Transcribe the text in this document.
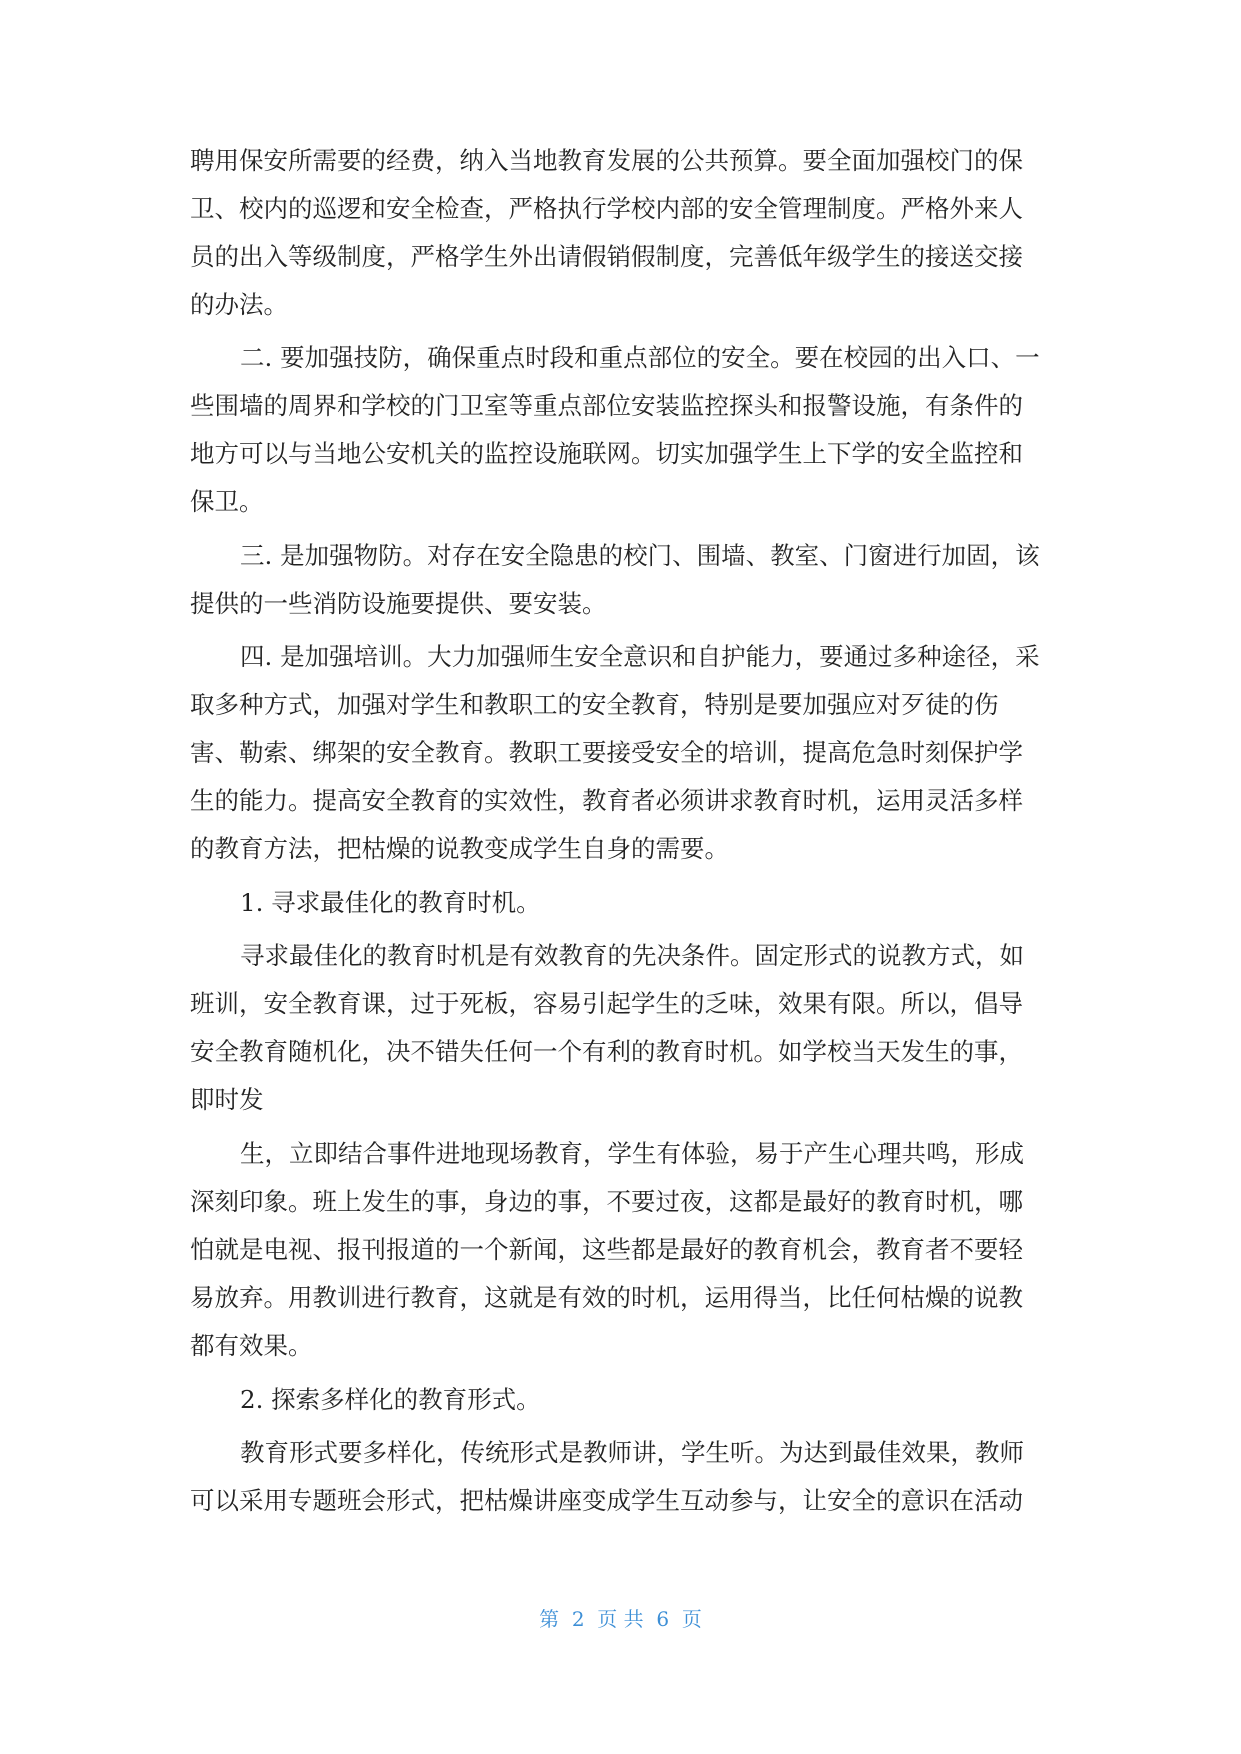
聘用保安所需要的经费，纳入当地教育发展的公共预算。要全面加强校门的保
卫、校内的巡逻和安全检查，严格执行学校内部的安全管理制度。严格外来人
员的出入等级制度，严格学生外出请假销假制度，完善低年级学生的接送交接
的办法。
二. 要加强技防，确保重点时段和重点部位的安全。要在校园的出入口、一
些围墙的周界和学校的门卫室等重点部位安装监控探头和报警设施，有条件的
地方可以与当地公安机关的监控设施联网。切实加强学生上下学的安全监控和
保卫。
三. 是加强物防。对存在安全隐患的校门、围墙、教室、门窗进行加固，该
提供的一些消防设施要提供、要安装。
四. 是加强培训。大力加强师生安全意识和自护能力，要通过多种途径，采
取多种方式，加强对学生和教职工的安全教育，特别是要加强应对歹徒的伤
害、勒索、绑架的安全教育。教职工要接受安全的培训，提高危急时刻保护学
生的能力。提高安全教育的实效性，教育者必须讲求教育时机，运用灵活多样
的教育方法，把枯燥的说教变成学生自身的需要。
1. 寻求最佳化的教育时机。
寻求最佳化的教育时机是有效教育的先决条件。固定形式的说教方式，如
班训，安全教育课，过于死板，容易引起学生的乏味，效果有限。所以，倡导
安全教育随机化，决不错失任何一个有利的教育时机。如学校当天发生的事，
即时发
生，立即结合事件进地现场教育，学生有体验，易于产生心理共鸣，形成
深刻印象。班上发生的事，身边的事，不要过夜，这都是最好的教育时机，哪
怕就是电视、报刊报道的一个新闻，这些都是最好的教育机会，教育者不要轻
易放弃。用教训进行教育，这就是有效的时机，运用得当，比任何枯燥的说教
都有效果。
2. 探索多样化的教育形式。
教育形式要多样化，传统形式是教师讲，学生听。为达到最佳效果，教师
可以采用专题班会形式，把枯燥讲座变成学生互动参与，让安全的意识在活动
第  2  页 共  6  页
